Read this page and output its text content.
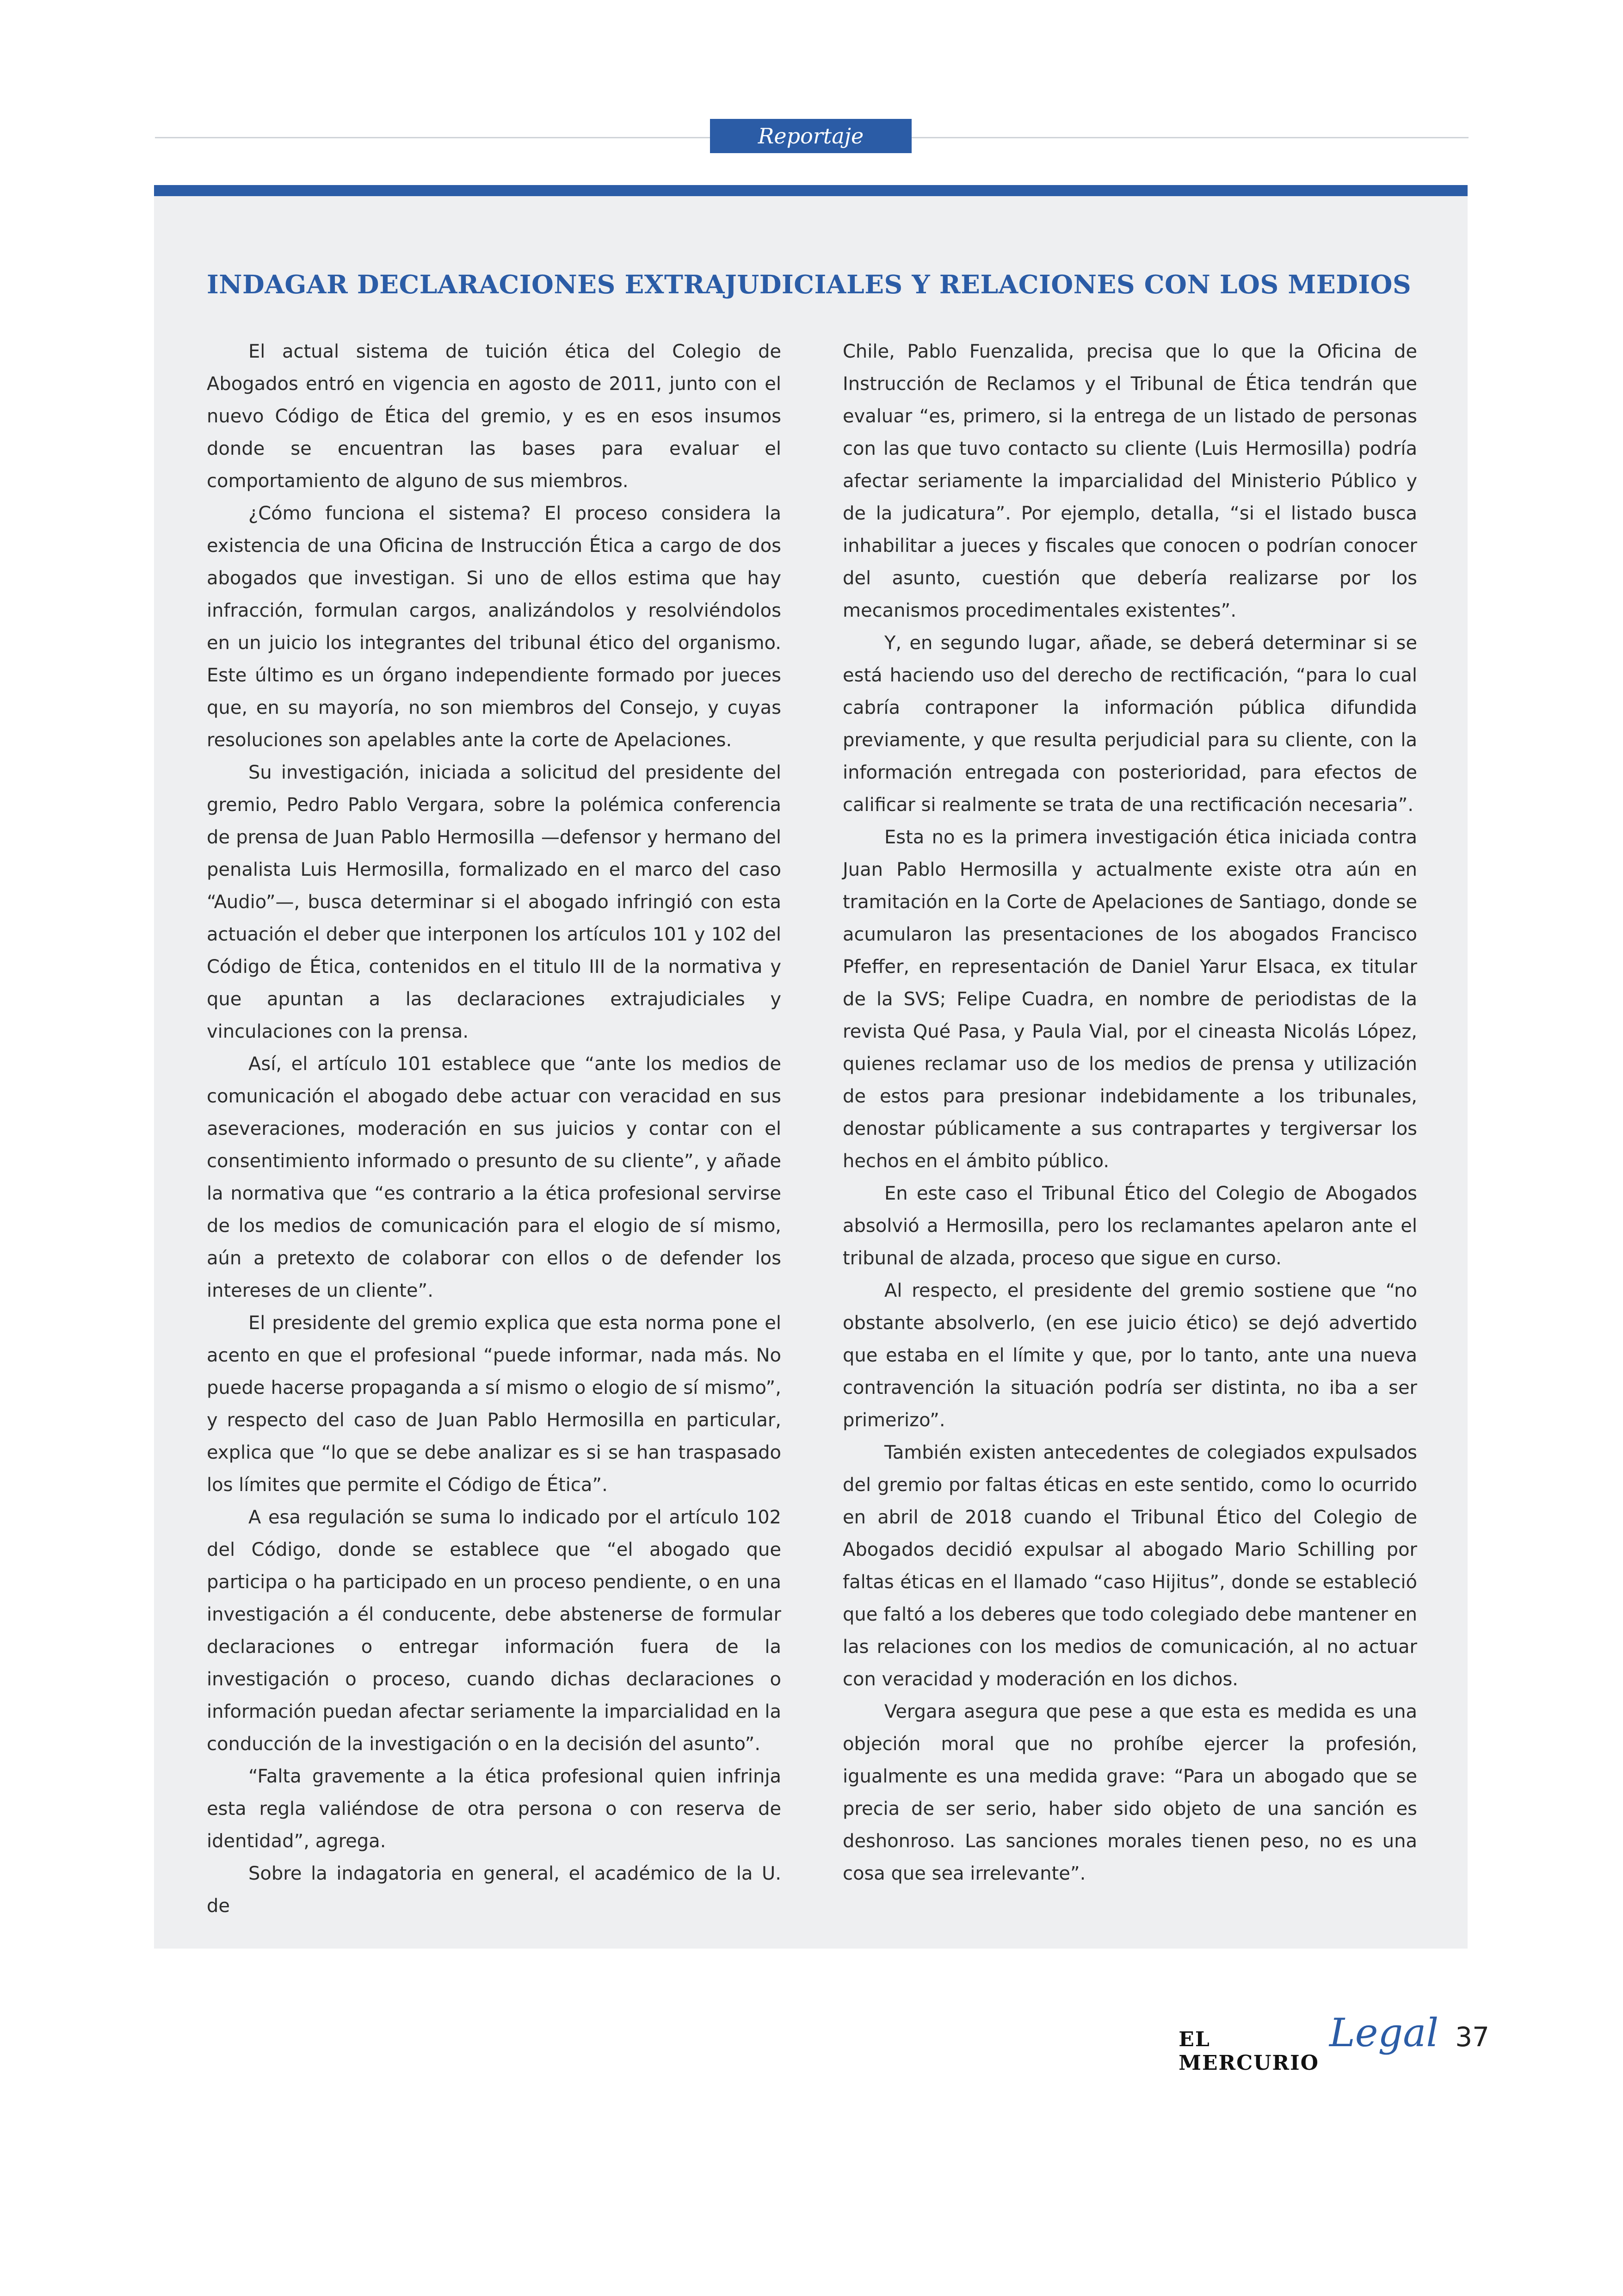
Reportaje
INDAGAR DECLARACIONES EXTRAJUDICIALES Y RELACIONES CON LOS MEDIOS

El actual sistema de tuición ética del Colegio de Abogados entró en vigencia en agosto de 2011, junto con el nuevo Código de Ética del gremio, y es en esos insumos donde se encuentran las bases para evaluar el comportamiento de alguno de sus miembros.

¿Cómo funciona el sistema? El proceso considera la existencia de una Oficina de Instrucción Ética a cargo de dos abogados que investigan. Si uno de ellos estima que hay infracción, formulan cargos, analizándolos y resolviéndolos en un juicio los integrantes del tribunal ético del organismo. Este último es un órgano independiente formado por jueces que, en su mayoría, no son miembros del Consejo, y cuyas resoluciones son apelables ante la corte de Apelaciones.

Su investigación, iniciada a solicitud del presidente del gremio, Pedro Pablo Vergara, sobre la polémica conferencia de prensa de Juan Pablo Hermosilla —defensor y hermano del penalista Luis Hermosilla, formalizado en el marco del caso “Audio”—, busca determinar si el abogado infringió con esta actuación el deber que interponen los artículos 101 y 102 del Código de Ética, contenidos en el titulo III de la normativa y que apuntan a las declaraciones extrajudiciales y vinculaciones con la prensa.

Así, el artículo 101 establece que “ante los medios de comunicación el abogado debe actuar con veracidad en sus aseveraciones, moderación en sus juicios y contar con el consentimiento informado o presunto de su cliente”, y añade la normativa que “es contrario a la ética profesional servirse de los medios de comunicación para el elogio de sí mismo, aún a pretexto de colaborar con ellos o de defender los intereses de un cliente”.

El presidente del gremio explica que esta norma pone el acento en que el profesional “puede informar, nada más. No puede hacerse propaganda a sí mismo o elogio de sí mismo”, y respecto del caso de Juan Pablo Hermosilla en particular, explica que “lo que se debe analizar es si se han traspasado los límites que permite el Código de Ética”.

A esa regulación se suma lo indicado por el artículo 102 del Código, donde se establece que “el abogado que participa o ha participado en un proceso pendiente, o en una investigación a él conducente, debe abstenerse de formular declaraciones o entregar información fuera de la investigación o proceso, cuando dichas declaraciones o información puedan afectar seriamente la imparcialidad en la conducción de la investigación o en la decisión del asunto”.

“Falta gravemente a la ética profesional quien infrinja esta regla valiéndose de otra persona o con reserva de identidad”, agrega.

Sobre la indagatoria en general, el académico de la U. de

Chile, Pablo Fuenzalida, precisa que lo que la Oficina de Instrucción de Reclamos y el Tribunal de Ética tendrán que evaluar “es, primero, si la entrega de un listado de personas con las que tuvo contacto su cliente (Luis Hermosilla) podría afectar seriamente la imparcialidad del Ministerio Público y de la judicatura”. Por ejemplo, detalla, “si el listado busca inhabilitar a jueces y fiscales que conocen o podrían conocer del asunto, cuestión que debería realizarse por los mecanismos procedimentales existentes”.

Y, en segundo lugar, añade, se deberá determinar si se está haciendo uso del derecho de rectificación, “para lo cual cabría contraponer la información pública difundida previamente, y que resulta perjudicial para su cliente, con la información entregada con posterioridad, para efectos de calificar si realmente se trata de una rectificación necesaria”.

Esta no es la primera investigación ética iniciada contra Juan Pablo Hermosilla y actualmente existe otra aún en tramitación en la Corte de Apelaciones de Santiago, donde se acumularon las presentaciones de los abogados Francisco Pfeffer, en representación de Daniel Yarur Elsaca, ex titular de la SVS; Felipe Cuadra, en nombre de periodistas de la revista Qué Pasa, y Paula Vial, por el cineasta Nicolás López, quienes reclamar uso de los medios de prensa y utilización de estos para presionar indebidamente a los tribunales, denostar públicamente a sus contrapartes y tergiversar los hechos en el ámbito público.

En este caso el Tribunal Ético del Colegio de Abogados absolvió a Hermosilla, pero los reclamantes apelaron ante el tribunal de alzada, proceso que sigue en curso.

Al respecto, el presidente del gremio sostiene que “no obstante absolverlo, (en ese juicio ético) se dejó advertido que estaba en el límite y que, por lo tanto, ante una nueva contravención la situación podría ser distinta, no iba a ser primerizo”.

También existen antecedentes de colegiados expulsados del gremio por faltas éticas en este sentido, como lo ocurrido en abril de 2018 cuando el Tribunal Ético del Colegio de Abogados decidió expulsar al abogado Mario Schilling por faltas éticas en el llamado “caso Hijitus”, donde se estableció que faltó a los deberes que todo colegiado debe mantener en las relaciones con los medios de comunicación, al no actuar con veracidad y moderación en los dichos.

Vergara asegura que pese a que esta es medida es una objeción moral que no prohíbe ejercer la profesión, igualmente es una medida grave: “Para un abogado que se precia de ser serio, haber sido objeto de una sanción es deshonroso. Las sanciones morales tienen peso, no es una cosa que sea irrelevante”.

EL MERCURIO
Legal 37
